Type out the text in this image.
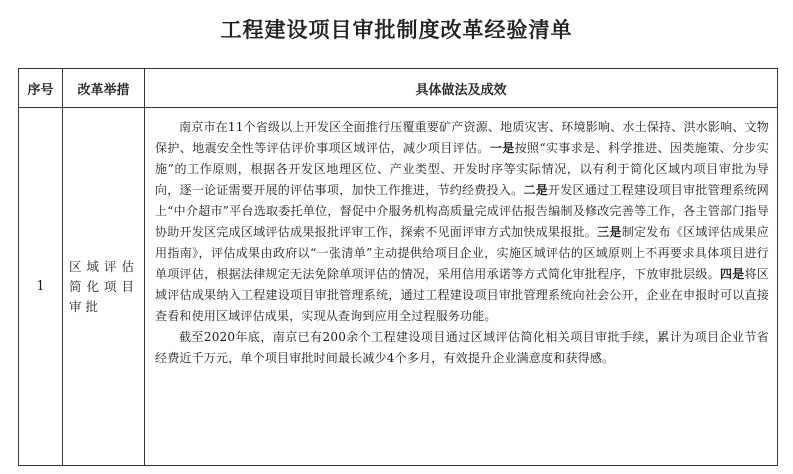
工程建设项目审批制度改革经验清单
序号	改革举措	具体做法及成效
1	区域评估简化项目审批	南京市在11个省级以上开发区全面推行压覆重要矿产资源、地质灾害、环境影响、水土保持、洪水影响、文物保护、地震安全性等评估评价事项区域评估，减少项目评估。一是按照“实事求是、科学推进、因类施策、分步实施”的工作原则，根据各开发区地理区位、产业类型、开发时序等实际情况，以有利于简化区域内项目审批为导向，逐一论证需要开展的评估事项，加快工作推进，节约经费投入。二是开发区通过工程建设项目审批管理系统网上“中介超市”平台选取委托单位，督促中介服务机构高质量完成评估报告编制及修改完善等工作，各主管部门指导协助开发区完成区域评估成果报批评审工作，探索不见面评审方式加快成果报批。三是制定发布《区域评估成果应用指南》，评估成果由政府以“一张清单”主动提供给项目企业，实施区域评估的区域原则上不再要求具体项目进行单项评估，根据法律规定无法免除单项评估的情况，采用信用承诺等方式简化审批程序，下放审批层级。四是将区域评估成果纳入工程建设项目审批管理系统，通过工程建设项目审批管理系统向社会公开，企业在申报时可以直接查看和使用区域评估成果，实现从查询到应用全过程服务功能。

截至2020年底，南京已有200余个工程建设项目通过区域评估简化相关项目审批手续，累计为项目企业节省经费近千万元，单个项目审批时间最长减少4个多月，有效提升企业满意度和获得感。
